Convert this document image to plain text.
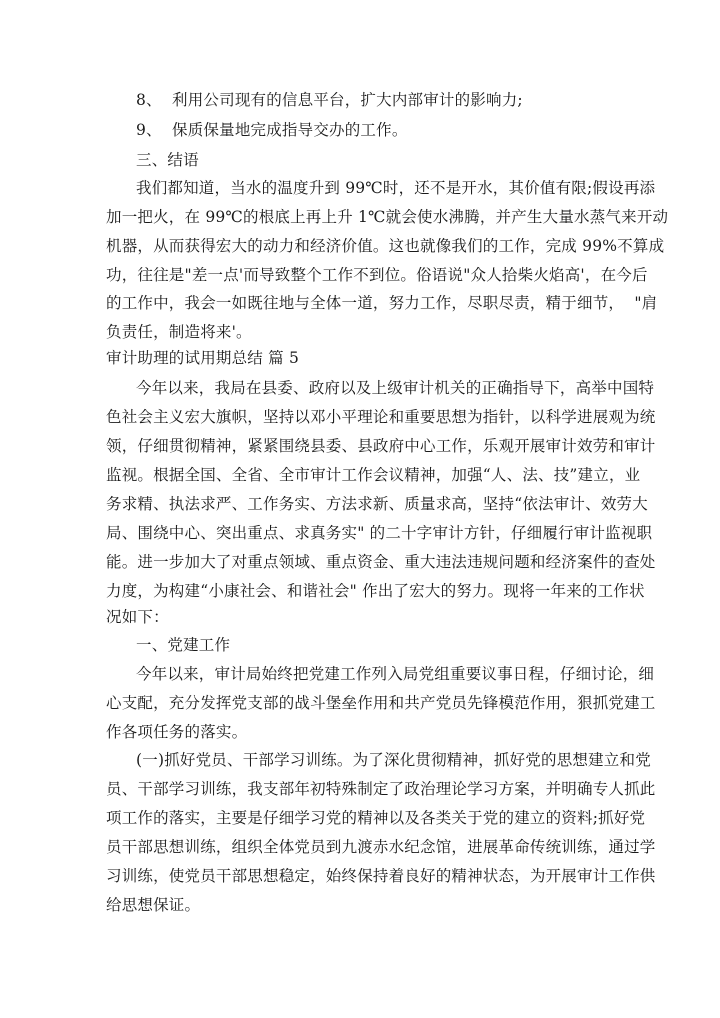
8、  利用公司现有的信息平台，扩大内部审计的影响力;
9、  保质保量地完成指导交办的工作。
三、结语
我们都知道，当水的温度升到 99℃时，还不是开水，其价值有限;假设再添
加一把火，在 99℃的根底上再上升 1℃就会使水沸腾，并产生大量水蒸气来开动
机器，从而获得宏大的动力和经济价值。这也就像我们的工作，完成 99%不算成
功，往往是"差一点'而导致整个工作不到位。俗语说"众人拾柴火焰高'，在今后
的工作中，我会一如既往地与全体一道，努力工作，尽职尽责，精于细节，  "肩
负责任，制造将来'。
审计助理的试用期总结 篇 5
今年以来，我局在县委、政府以及上级审计机关的正确指导下，高举中国特
色社会主义宏大旗帜，坚持以邓小平理论和重要思想为指针，以科学进展观为统
领，仔细贯彻精神，紧紧围绕县委、县政府中心工作，乐观开展审计效劳和审计
监视。根据全国、全省、全市审计工作会议精神，加强“人、法、技”建立，业
务求精、执法求严、工作务实、方法求新、质量求高，坚持“依法审计、效劳大
局、围绕中心、突出重点、求真务实" 的二十字审计方针，仔细履行审计监视职
能。进一步加大了对重点领域、重点资金、重大违法违规问题和经济案件的查处
力度，为构建“小康社会、和谐社会" 作出了宏大的努力。现将一年来的工作状
况如下：
一、党建工作
今年以来，审计局始终把党建工作列入局党组重要议事日程，仔细讨论，细
心支配，充分发挥党支部的战斗堡垒作用和共产党员先锋模范作用，狠抓党建工
作各项任务的落实。
(一)抓好党员、干部学习训练。为了深化贯彻精神，抓好党的思想建立和党
员、干部学习训练，我支部年初特殊制定了政治理论学习方案，并明确专人抓此
项工作的落实，主要是仔细学习党的精神以及各类关于党的建立的资料;抓好党
员干部思想训练，组织全体党员到九渡赤水纪念馆，进展革命传统训练，通过学
习训练，使党员干部思想稳定，始终保持着良好的精神状态，为开展审计工作供
给思想保证。
